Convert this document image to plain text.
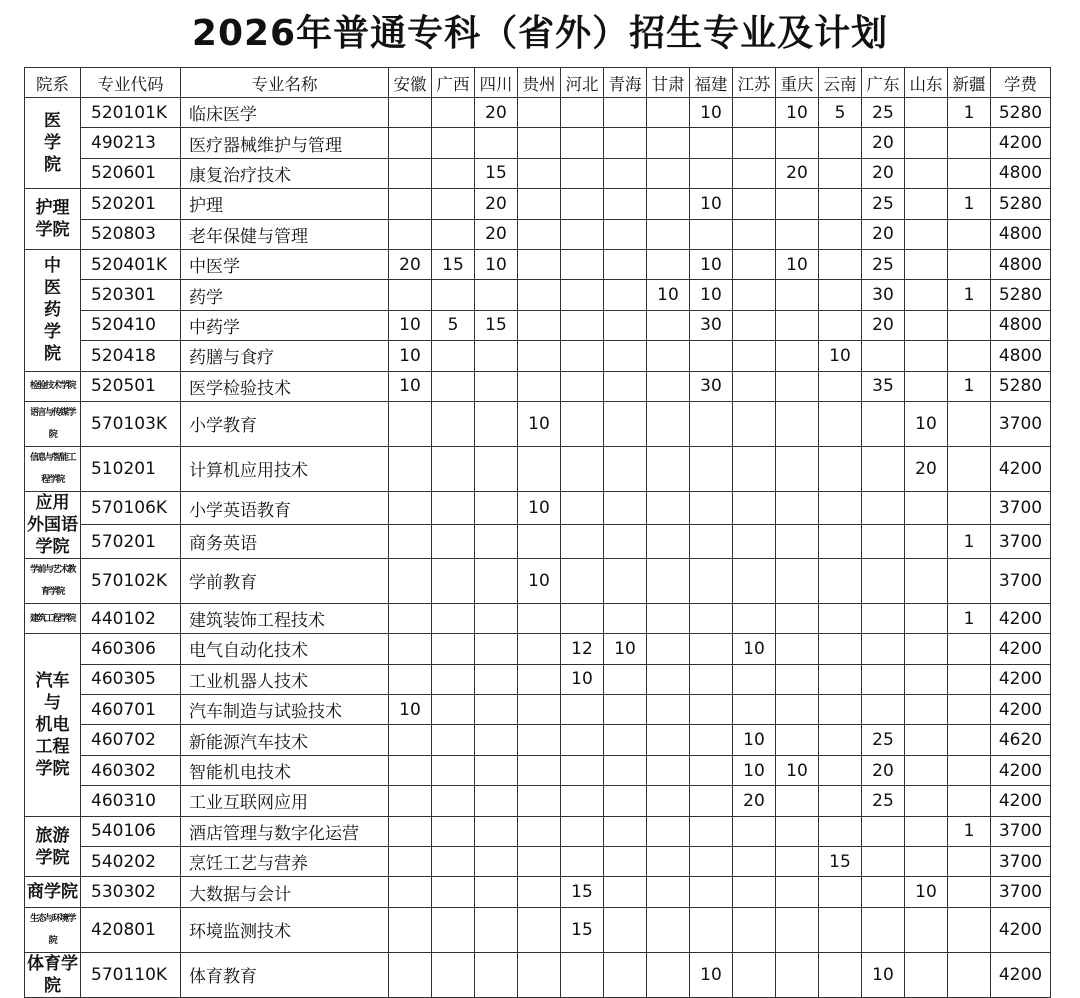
2026年普通专科（省外）招生专业及计划
院系	专业代码	专业名称	安徽	广西	四川	贵州	河北	青海	甘肃	福建	江苏	重庆	云南	广东	山东	新疆	学费
医
学
院	520101K	临床医学			20					10		10	5	25		1	5280
	490213	医疗器械维护与管理												20			4200
	520601	康复治疗技术			15							20		20			4800
护理
学院	520201	护理			20					10				25		1	5280
	520803	老年保健与管理			20									20			4800
中
医
药
学
院	520401K	中医学	20	15	10					10		10		25			4800
	520301	药学							10	10				30		1	5280
	520410	中药学	10	5	15					30				20			4800
	520418	药膳与食疗	10										10				4800
检验技术学院	520501	医学检验技术	10							30				35		1	5280
语言与传媒学院	570103K	小学教育				10									10		3700
信息与智能工程学院	510201	计算机应用技术													20		4200
应用
外国语
学院	570106K	小学英语教育				10											3700
	570201	商务英语														1	3700
学前与艺术教育学院	570102K	学前教育				10											3700
建筑工程学院	440102	建筑装饰工程技术														1	4200
汽车
与
机电
工程
学院	460306	电气自动化技术					12	10			10						4200
	460305	工业机器人技术					10										4200
	460701	汽车制造与试验技术	10														4200
	460702	新能源汽车技术									10			25			4620
	460302	智能机电技术									10	10		20			4200
	460310	工业互联网应用									20			25			4200
旅游
学院	540106	酒店管理与数字化运营														1	3700
	540202	烹饪工艺与营养											15				3700
商学院	530302	大数据与会计					15								10		3700
生态与环境学院	420801	环境监测技术					15										4200
体育学院	570110K	体育教育								10				10			4200
